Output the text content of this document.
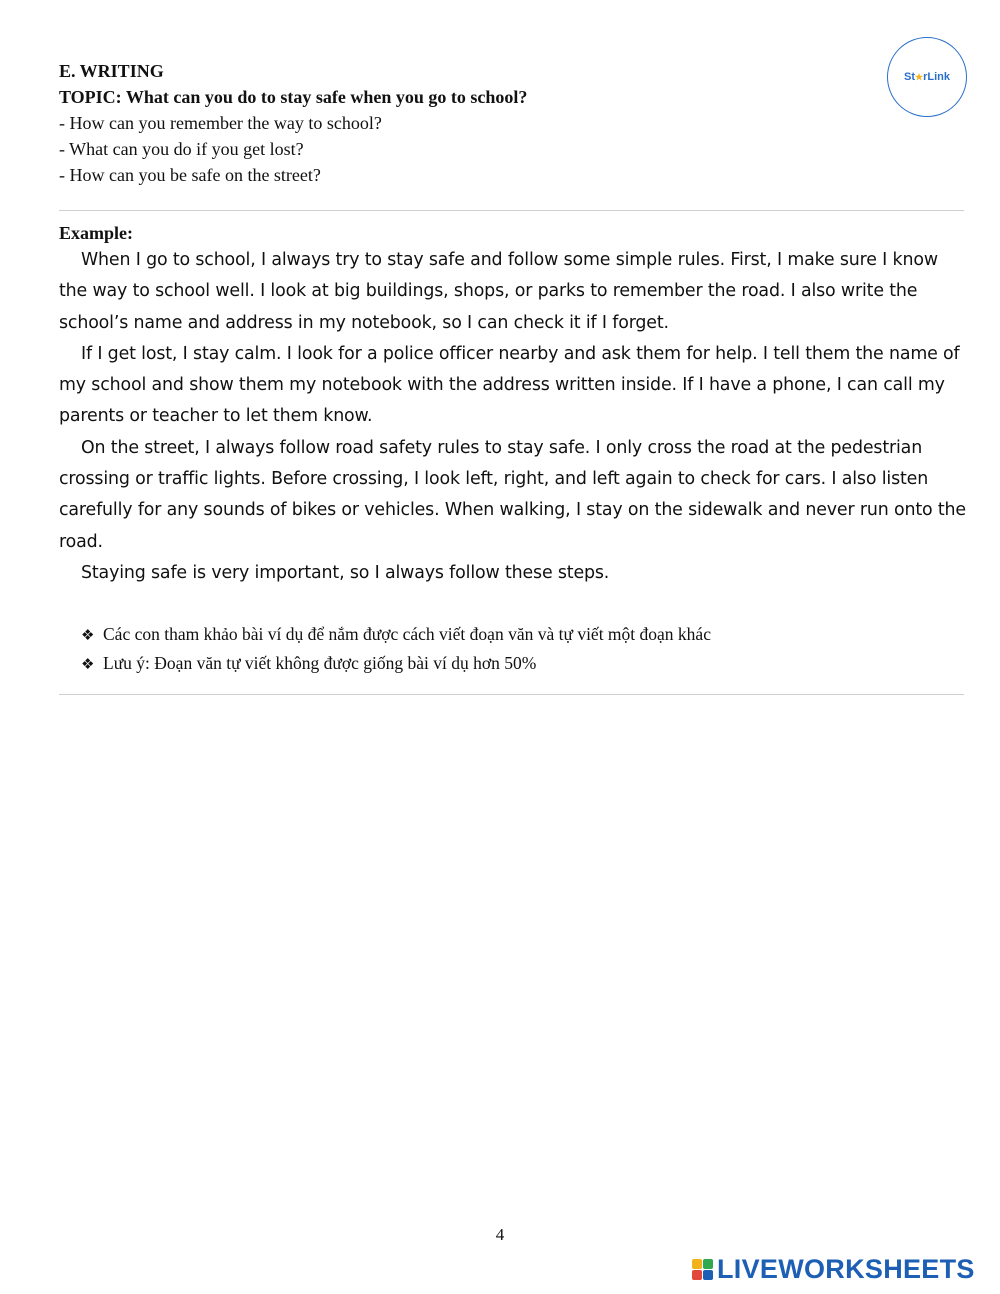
E. WRITING
TOPIC: What can you do to stay safe when you go to school?
- How can you remember the way to school?
- What can you do if you get lost?
- How can you be safe on the street?
St ★ rLink
Example:

When I go to school, I always try to stay safe and follow some simple rules. First, I make sure I know the way to school well. I look at big buildings, shops, or parks to remember the road. I also write the school’s name and address in my notebook, so I can check it if I forget.

If I get lost, I stay calm. I look for a police officer nearby and ask them for help. I tell them the name of my school and show them my notebook with the address written inside. If I have a phone, I can call my parents or teacher to let them know.

On the street, I always follow road safety rules to stay safe. I only cross the road at the pedestrian crossing or traffic lights. Before crossing, I look left, right, and left again to check for cars. I also listen carefully for any sounds of bikes or vehicles. When walking, I stay on the sidewalk and never run onto the road.

Staying safe is very important, so I always follow these steps.

❖ Các con tham khảo bài ví dụ để nắm được cách viết đoạn văn và tự viết một đoạn khác
❖ Lưu ý: Đoạn văn tự viết không được giống bài ví dụ hơn 50%
4
LIVEWORKSHEETS
